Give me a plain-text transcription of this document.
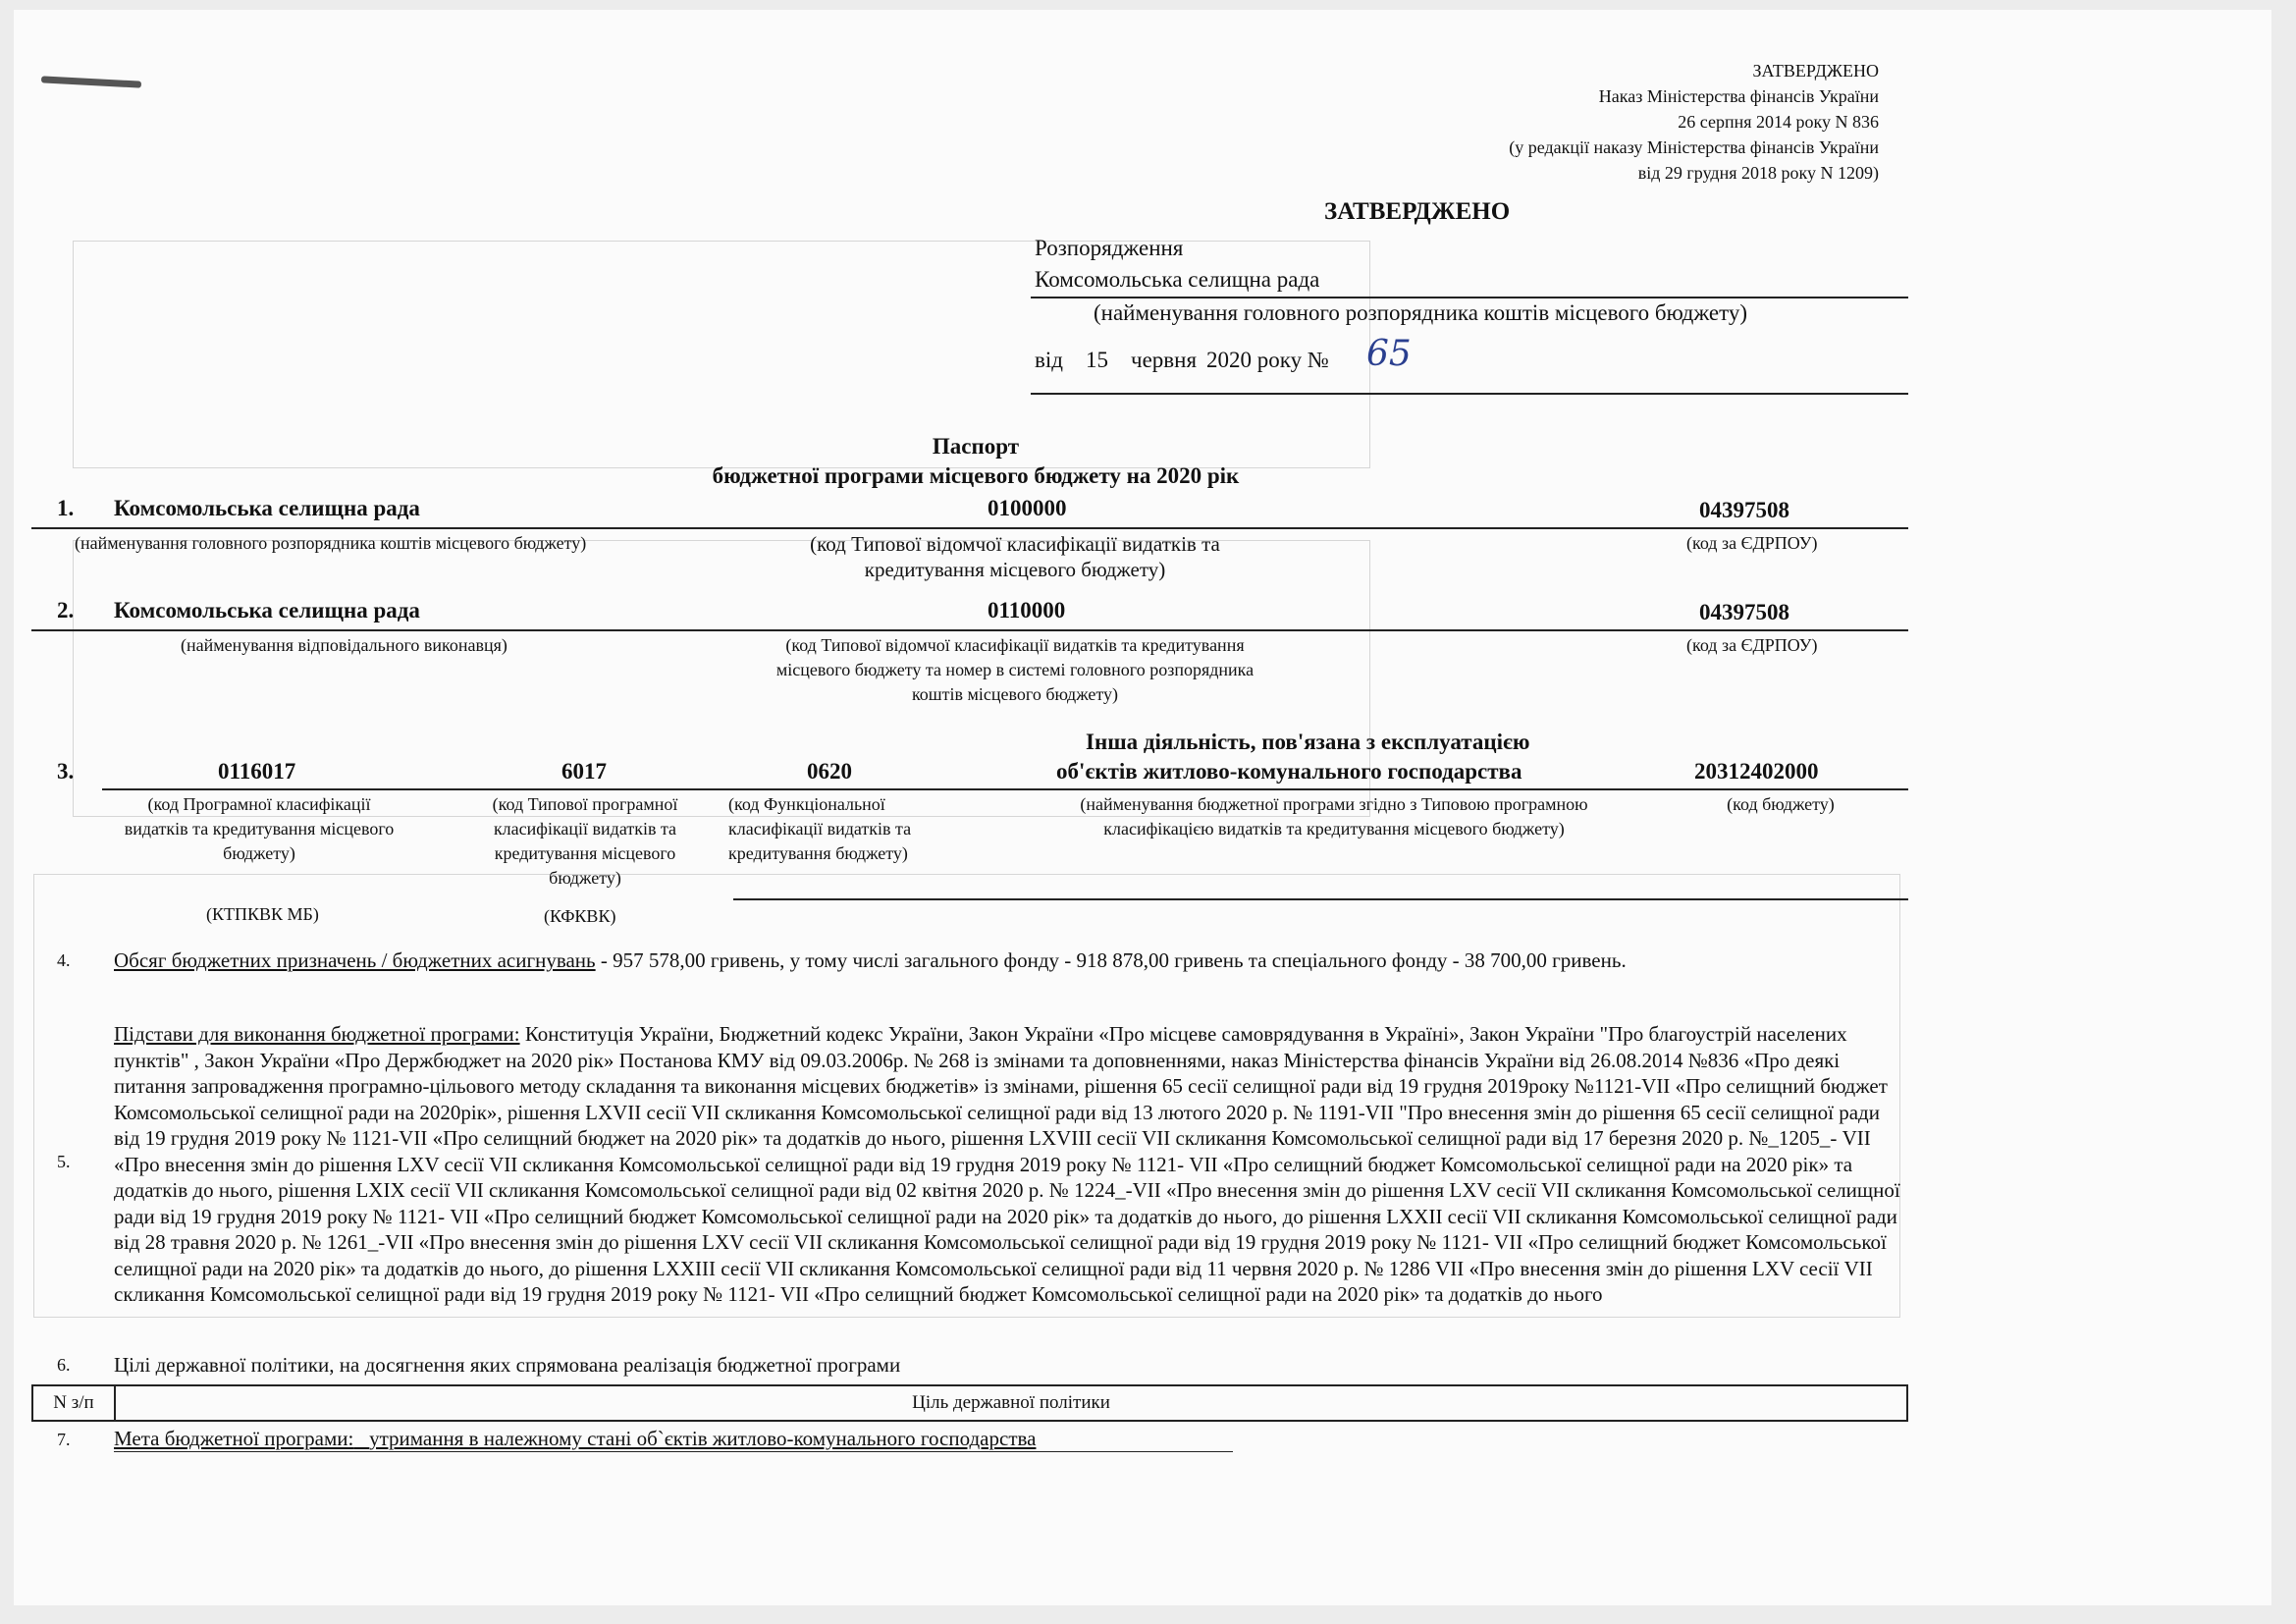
ЗАТВЕРДЖЕНО
Наказ Міністерства фінансів України
26 серпня 2014 року N 836
(у редакції наказу Міністерства фінансів України
від 29 грудня 2018 року N 1209)
ЗАТВЕРДЖЕНО
Розпорядження
Комсомольська селищна рада
(найменування головного розпорядника коштів місцевого бюджету)
від 15 червня 2020 року № 65
Паспорт
бюджетної програми місцевого бюджету на 2020 рік
1. Комсомольська селищна рада	0100000	04397508
(найменування головного розпорядника коштів місцевого бюджету)	(код Типової відомчої класифікації видатків та
кредитування місцевого бюджету)
(код за ЄДРПОУ)
2. Комсомольська селищна рада	0110000	04397508
(найменування відповідального виконавця)	(код Типової відомчої класифікації видатків та кредитування
місцевого бюджету та номер в системі головного розпорядника
коштів місцевого бюджету)
(код за ЄДРПОУ)
Інша діяльність, пов'язана з експлуатацією
3.	0116017	6017	0620	об'єктів житлово-комунального господарства	20312402000
(код Програмної класифікації видатків та кредитування місцевого бюджету)
(код Типової програмної класифікації видатків та кредитування місцевого бюджету)
(код Функціональної класифікації видатків та кредитування бюджету)
(найменування бюджетної програми згідно з Типовою програмною класифікацією видатків та кредитування місцевого бюджету)
(код бюджету)
(КТПКВК МБ)	(КФКВК)
4. Обсяг бюджетних призначень / бюджетних асигнувань - 957 578,00 гривень, у тому числі загального фонду - 918 878,00 гривень та спеціального фонду - 38 700,00 гривень.
5.
Підстави для виконання бюджетної програми: Конституція України, Бюджетний кодекс України, Закон України «Про місцеве самоврядування в Україні», Закон України "Про благоустрій населених пунктів" , Закон України «Про Держбюджет на 2020 рік» Постанова КМУ від 09.03.2006р. № 268 із змінами та доповненнями, наказ Міністерства фінансів України від 26.08.2014 №836 «Про деякі питання запровадження програмно-цільового методу складання та виконання місцевих бюджетів» із змінами, рішення 65 сесії селищної ради від 19 грудня 2019року №1121-VII «Про селищний бюджет Комсомольської селищної ради на 2020рік», рішення LXVII сесії VII скликання Комсомольської селищної ради від 13 лютого 2020 р. № 1191-VII "Про внесення змін до рішення 65 сесії селищної ради від 19 грудня 2019 року № 1121-VII «Про селищний бюджет на 2020 рік» та додатків до нього, рішення LXVIII сесії VII скликання Комсомольської селищної ради від 17 березня 2020 р. №_1205_- VII «Про внесення змін до рішення LXV сесії VII скликання Комсомольської селищної ради від 19 грудня 2019 року № 1121- VII «Про селищний бюджет Комсомольської селищної ради на 2020 рік» та додатків до нього, рішення LXIX сесії VII скликання Комсомольської селищної ради від 02 квітня 2020 р. № 1224_-VII «Про внесення змін до рішення LXV сесії VII скликання Комсомольської селищної ради від 19 грудня 2019 року № 1121- VII «Про селищний бюджет Комсомольської селищної ради на 2020 рік» та додатків до нього, до рішення LXXII сесії VII скликання Комсомольської селищної ради від 28 травня 2020 р. № 1261_-VII «Про внесення змін до рішення LXV сесії VII скликання Комсомольської селищної ради від 19 грудня 2019 року № 1121- VII «Про селищний бюджет Комсомольської селищної ради на 2020 рік» та додатків до нього, до рішення LXXIII сесії VII скликання Комсомольської селищної ради від 11 червня 2020 р. № 1286 VII «Про внесення змін до рішення LXV сесії VII скликання Комсомольської селищної ради від 19 грудня 2019 року № 1121- VII «Про селищний бюджет Комсомольської селищної ради на 2020 рік» та додатків до нього
6. Цілі державної політики, на досягнення яких спрямована реалізація бюджетної програми
N з/п	Ціль державної політики
7. Мета бюджетної програми: утримання в належному стані об`єктів житлово-комунального господарства
